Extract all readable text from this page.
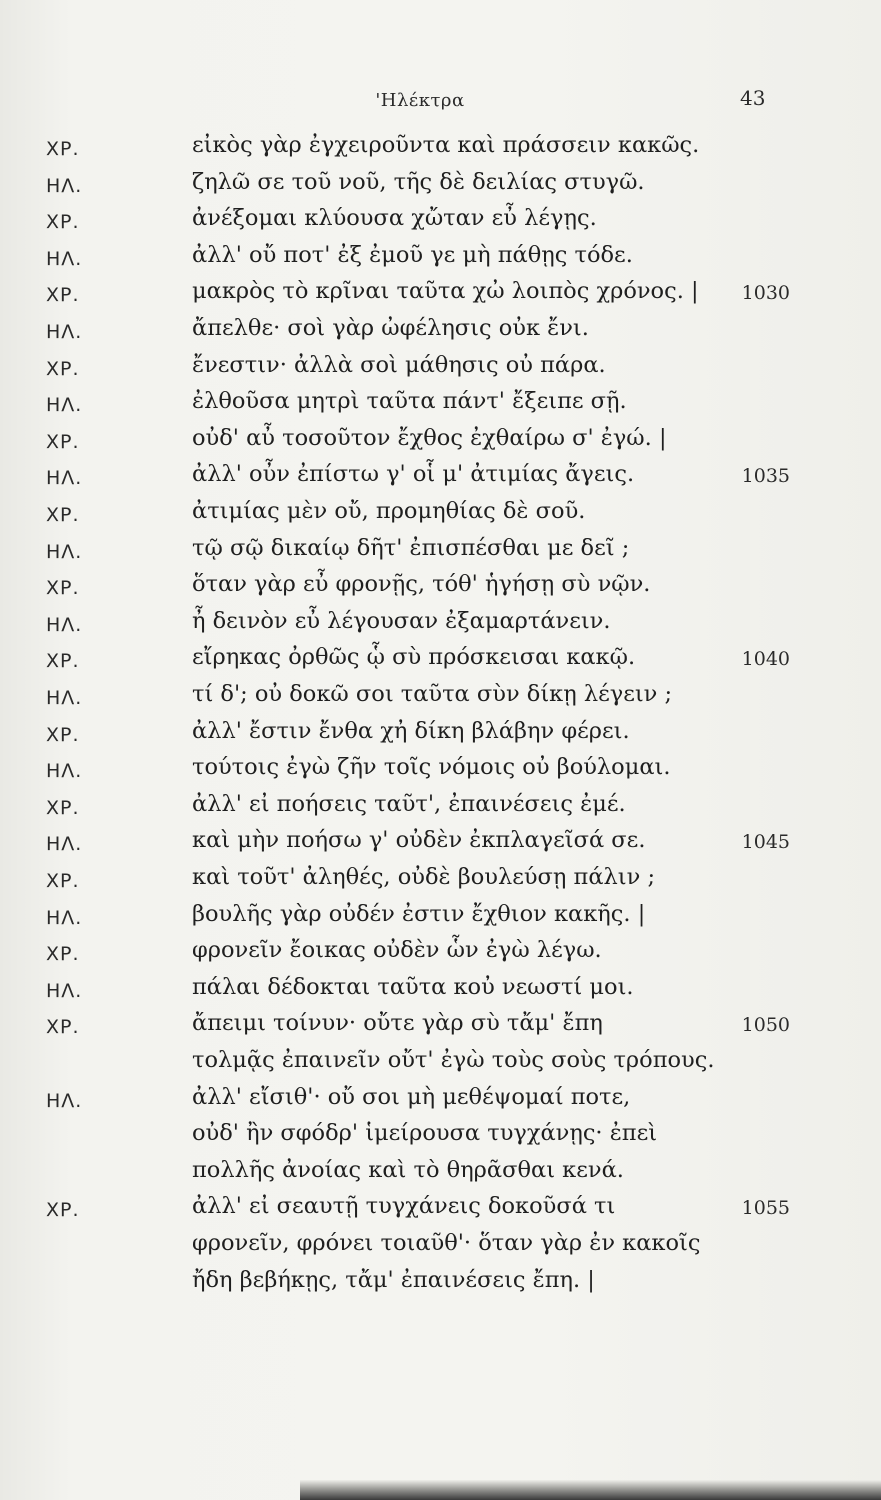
'Ηλέκτρα	43
ΧΡ.	εἰκὸς γὰρ ἐγχειροῦντα καὶ πράσσειν κακῶς.
ΗΛ.	ζηλῶ σε τοῦ νοῦ, τῆς δὲ δειλίας στυγῶ.
ΧΡ.	ἀνέξομαι κλύουσα χὤταν εὖ λέγῃς.
ΗΛ.	ἀλλ' οὔ ποτ' ἐξ ἐμοῦ γε μὴ πάθῃς τόδε.
ΧΡ.	μακρὸς τὸ κρῖναι ταῦτα χὠ λοιπὸς χρόνος. |	1030
ΗΛ.	ἄπελθε· σοὶ γὰρ ὠφέλησις οὐκ ἔνι.
ΧΡ.	ἔνεστιν· ἀλλὰ σοὶ μάθησις οὐ πάρα.
ΗΛ.	ἐλθοῦσα μητρὶ ταῦτα πάντ' ἔξειπε σῇ.
ΧΡ.	οὐδ' αὖ τοσοῦτον ἔχθος ἐχθαίρω σ' ἐγώ. |
ΗΛ.	ἀλλ' οὖν ἐπίστω γ' οἷ μ' ἀτιμίας ἄγεις.	1035
ΧΡ.	ἀτιμίας μὲν οὔ, προμηθίας δὲ σοῦ.
ΗΛ.	τῷ σῷ δικαίῳ δῆτ' ἐπισπέσθαι με δεῖ ;
ΧΡ.	ὅταν γὰρ εὖ φρονῇς, τόθ' ἡγήσῃ σὺ νῷν.
ΗΛ.	ἦ δεινὸν εὖ λέγουσαν ἐξαμαρτάνειν.
ΧΡ.	εἴρηκας ὀρθῶς ᾧ σὺ πρόσκεισαι κακῷ.	1040
ΗΛ.	τί δ'; οὐ δοκῶ σοι ταῦτα σὺν δίκῃ λέγειν ;
ΧΡ.	ἀλλ' ἔστιν ἔνθα χἠ δίκη βλάβην φέρει.
ΗΛ.	τούτοις ἐγὼ ζῆν τοῖς νόμοις οὐ βούλομαι.
ΧΡ.	ἀλλ' εἰ ποήσεις ταῦτ', ἐπαινέσεις ἐμέ.
ΗΛ.	καὶ μὴν ποήσω γ' οὐδὲν ἐκπλαγεῖσά σε.	1045
ΧΡ.	καὶ τοῦτ' ἀληθές, οὐδὲ βουλεύσῃ πάλιν ;
ΗΛ.	βουλῆς γὰρ οὐδέν ἐστιν ἔχθιον κακῆς. |
ΧΡ.	φρονεῖν ἔοικας οὐδὲν ὧν ἐγὼ λέγω.
ΗΛ.	πάλαι δέδοκται ταῦτα κοὐ νεωστί μοι.
ΧΡ.	ἄπειμι τοίνυν· οὔτε γὰρ σὺ τἄμ' ἔπη	1050
τολμᾷς ἐπαινεῖν οὔτ' ἐγὼ τοὺς σοὺς τρόπους.
ΗΛ.	ἀλλ' εἴσιθ'· οὔ σοι μὴ μεθέψομαί ποτε,
οὐδ' ἢν σφόδρ' ἱμείρουσα τυγχάνῃς· ἐπεὶ
πολλῆς ἀνοίας καὶ τὸ θηρᾶσθαι κενά.
ΧΡ.	ἀλλ' εἰ σεαυτῇ τυγχάνεις δοκοῦσά τι	1055
φρονεῖν, φρόνει τοιαῦθ'· ὅταν γὰρ ἐν κακοῖς
ἤδη βεβήκῃς, τἄμ' ἐπαινέσεις ἔπη. |
